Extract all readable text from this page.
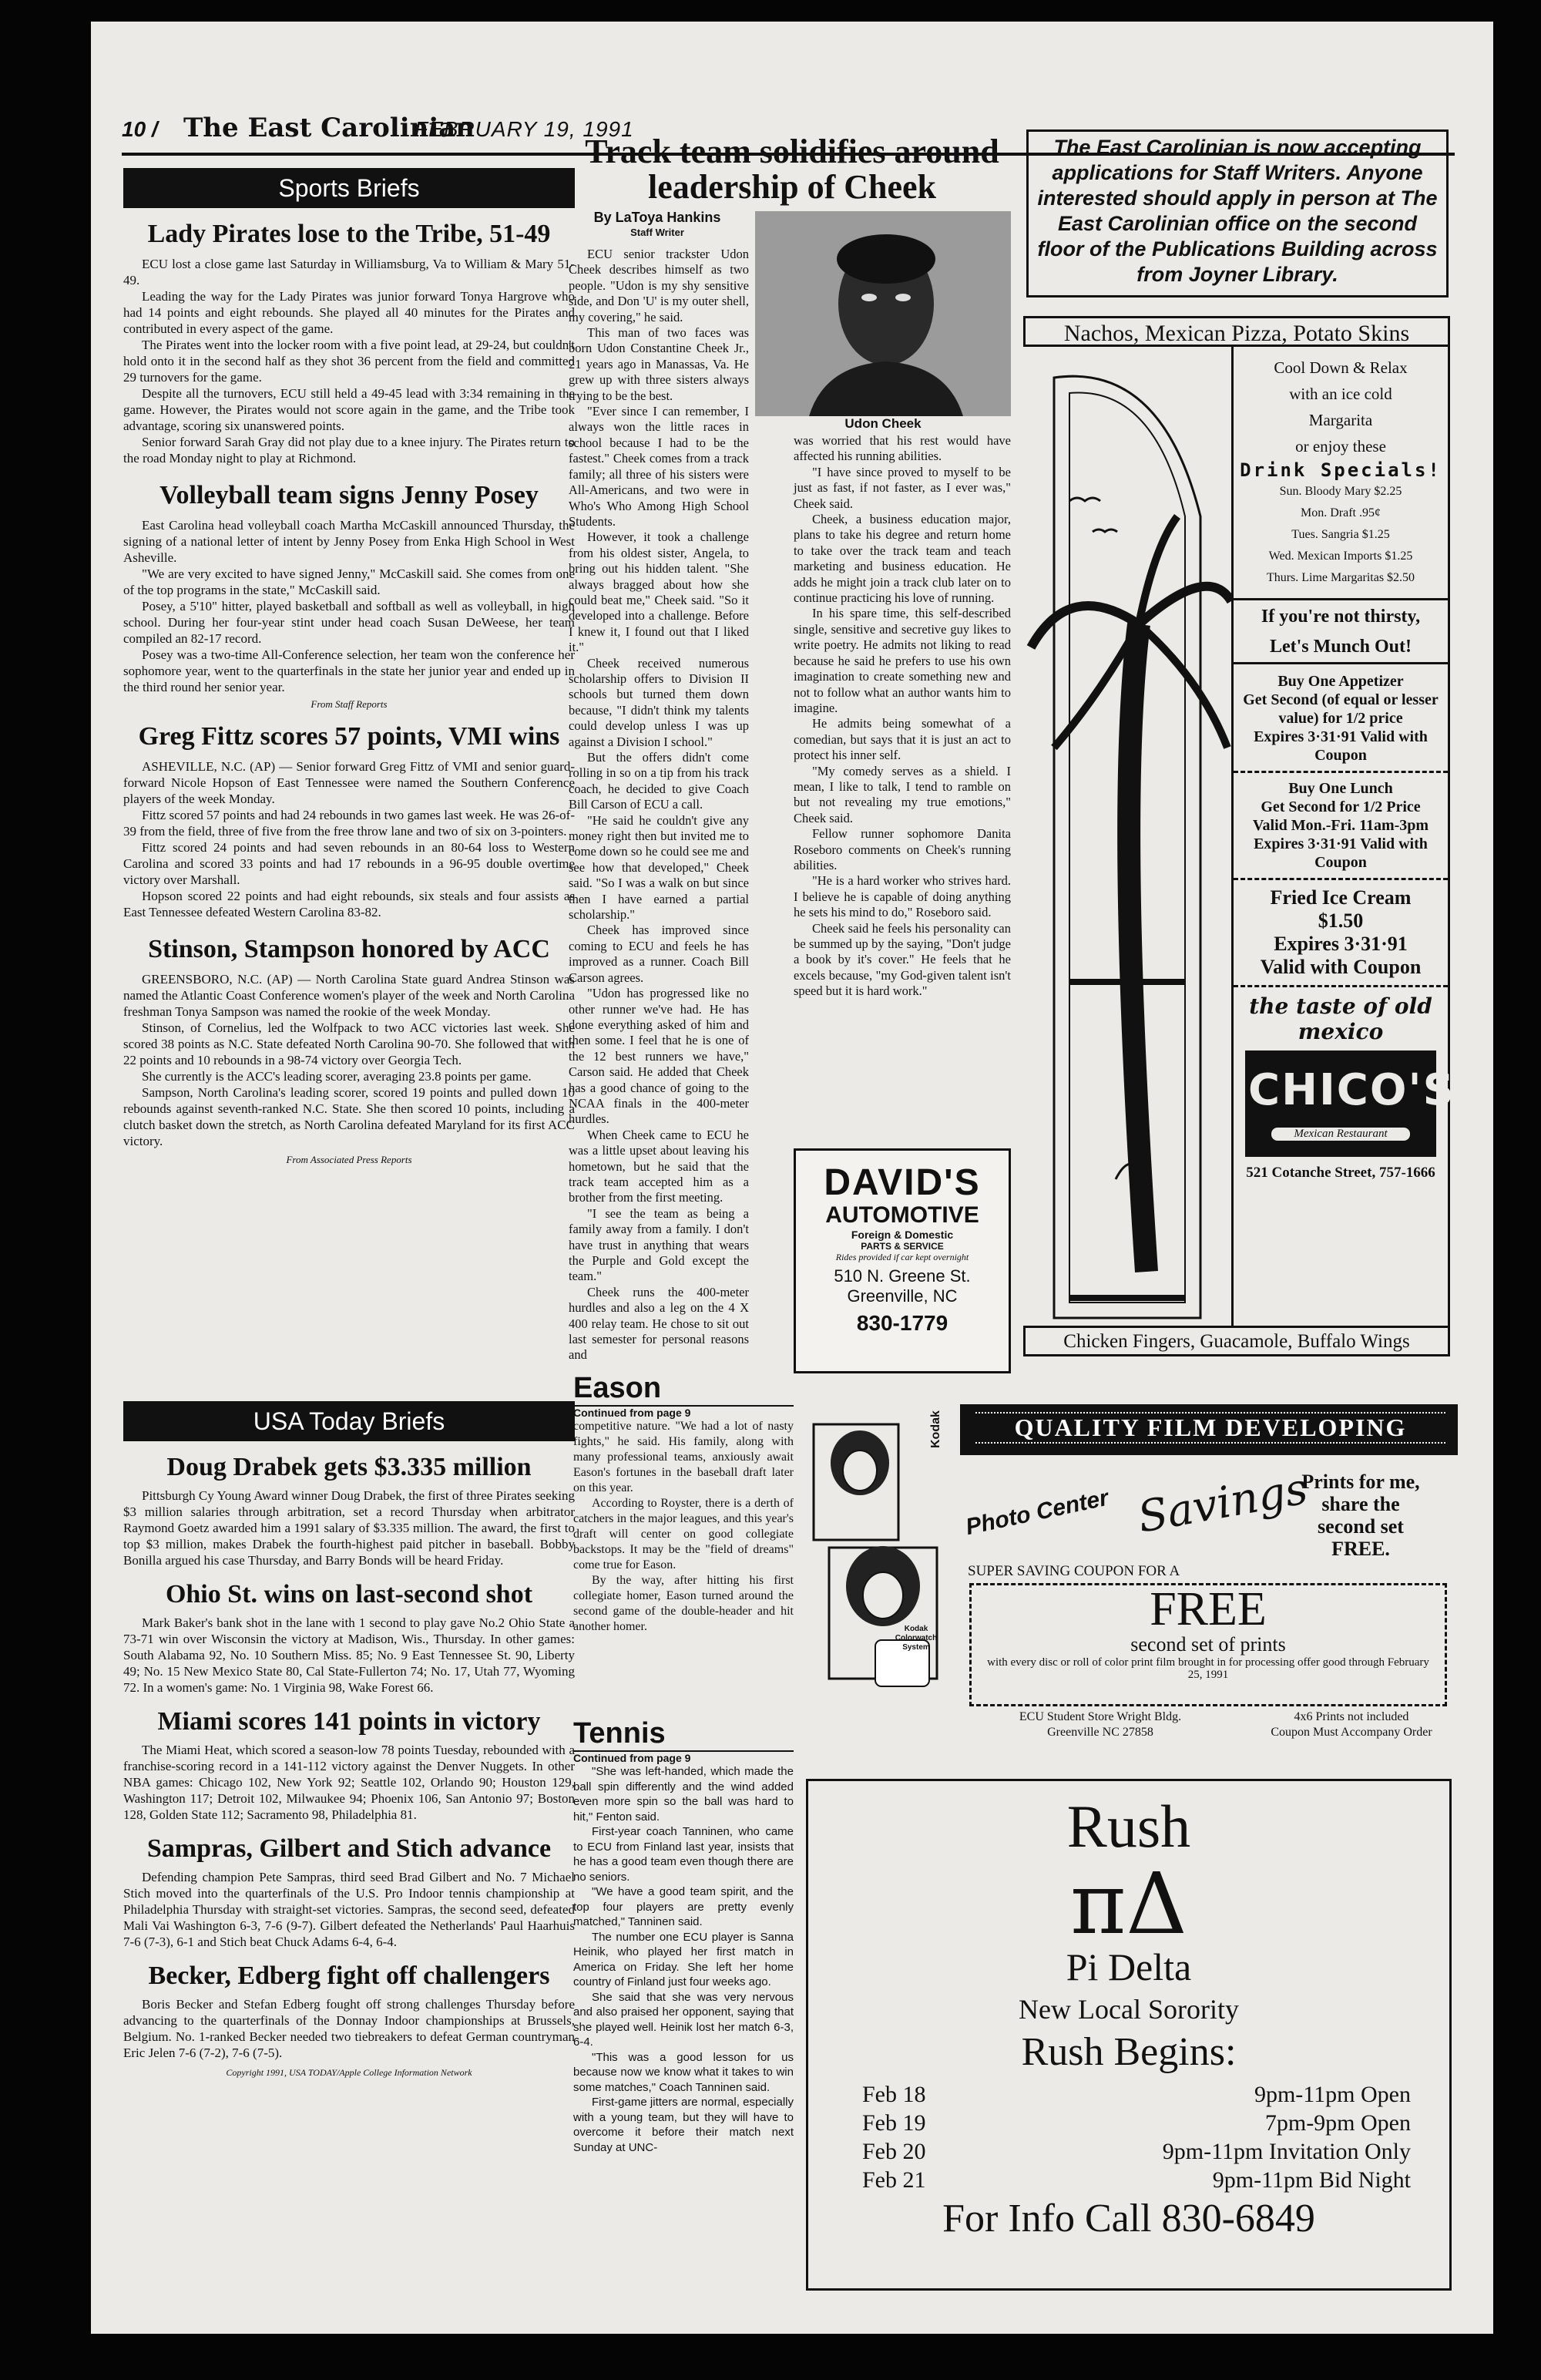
10 / The East Carolinian
FEBRUARY 19, 1991
Sports Briefs
Lady Pirates lose to the Tribe, 51-49

ECU lost a close game last Saturday in Williamsburg, Va to William & Mary 51-49.

Leading the way for the Lady Pirates was junior forward Tonya Hargrove who had 14 points and eight rebounds. She played all 40 minutes for the Pirates and contributed in every aspect of the game.

The Pirates went into the locker room with a five point lead, at 29-24, but couldn't hold onto it in the second half as they shot 36 percent from the field and committed 29 turnovers for the game.

Despite all the turnovers, ECU still held a 49-45 lead with 3:34 remaining in the game. However, the Pirates would not score again in the game, and the Tribe took advantage, scoring six unanswered points.

Senior forward Sarah Gray did not play due to a knee injury. The Pirates return to the road Monday night to play at Richmond.

Volleyball team signs Jenny Posey

East Carolina head volleyball coach Martha McCaskill announced Thursday, the signing of a national letter of intent by Jenny Posey from Enka High School in West Asheville.

"We are very excited to have signed Jenny," McCaskill said. She comes from one of the top programs in the state," McCaskill said.

Posey, a 5'10" hitter, played basketball and softball as well as volleyball, in high school. During her four-year stint under head coach Susan DeWeese, her team compiled an 82-17 record.

Posey was a two-time All-Conference selection, her team won the conference her sophomore year, went to the quarterfinals in the state her junior year and ended up in the third round her senior year.

From Staff Reports
Greg Fittz scores 57 points, VMI wins

ASHEVILLE, N.C. (AP) — Senior forward Greg Fittz of VMI and senior guard-forward Nicole Hopson of East Tennessee were named the Southern Conference players of the week Monday.

Fittz scored 57 points and had 24 rebounds in two games last week. He was 26-of-39 from the field, three of five from the free throw lane and two of six on 3-pointers.

Fittz scored 24 points and had seven rebounds in an 80-64 loss to Western Carolina and scored 33 points and had 17 rebounds in a 96-95 double overtime victory over Marshall.

Hopson scored 22 points and had eight rebounds, six steals and four assists as East Tennessee defeated Western Carolina 83-82.

Stinson, Stampson honored by ACC

GREENSBORO, N.C. (AP) — North Carolina State guard Andrea Stinson was named the Atlantic Coast Conference women's player of the week and North Carolina freshman Tonya Sampson was named the rookie of the week Monday.

Stinson, of Cornelius, led the Wolfpack to two ACC victories last week. She scored 38 points as N.C. State defeated North Carolina 90-70. She followed that with 22 points and 10 rebounds in a 98-74 victory over Georgia Tech.

She currently is the ACC's leading scorer, averaging 23.8 points per game.

Sampson, North Carolina's leading scorer, scored 19 points and pulled down 10 rebounds against seventh-ranked N.C. State. She then scored 10 points, including a clutch basket down the stretch, as North Carolina defeated Maryland for its first ACC victory.

From Associated Press Reports
USA Today Briefs
Doug Drabek gets $3.335 million

Pittsburgh Cy Young Award winner Doug Drabek, the first of three Pirates seeking $3 million salaries through arbitration, set a record Thursday when arbitrator Raymond Goetz awarded him a 1991 salary of $3.335 million. The award, the first to top $3 million, makes Drabek the fourth-highest paid pitcher in baseball. Bobby Bonilla argued his case Thursday, and Barry Bonds will be heard Friday.

Ohio St. wins on last-second shot

Mark Baker's bank shot in the lane with 1 second to play gave No.2 Ohio State a 73-71 win over Wisconsin the victory at Madison, Wis., Thursday. In other games: South Alabama 92, No. 10 Southern Miss. 85; No. 9 East Tennessee St. 90, Liberty 49; No. 15 New Mexico State 80, Cal State-Fullerton 74; No. 17, Utah 77, Wyoming 72. In a women's game: No. 1 Virginia 98, Wake Forest 66.

Miami scores 141 points in victory

The Miami Heat, which scored a season-low 78 points Tuesday, rebounded with a franchise-scoring record in a 141-112 victory against the Denver Nuggets. In other NBA games: Chicago 102, New York 92; Seattle 102, Orlando 90; Houston 129, Washington 117; Detroit 102, Milwaukee 94; Phoenix 106, San Antonio 97; Boston 128, Golden State 112; Sacramento 98, Philadelphia 81.

Sampras, Gilbert and Stich advance

Defending champion Pete Sampras, third seed Brad Gilbert and No. 7 Michael Stich moved into the quarterfinals of the U.S. Pro Indoor tennis championship at Philadelphia Thursday with straight-set victories. Sampras, the second seed, defeated Mali Vai Washington 6-3, 7-6 (9-7). Gilbert defeated the Netherlands' Paul Haarhuis 7-6 (7-3), 6-1 and Stich beat Chuck Adams 6-4, 6-4.

Becker, Edberg fight off challengers

Boris Becker and Stefan Edberg fought off strong challenges Thursday before advancing to the quarterfinals of the Donnay Indoor championships at Brussels, Belgium. No. 1-ranked Becker needed two tiebreakers to defeat German countryman Eric Jelen 7-6 (7-2), 7-6 (7-5).

Copyright 1991, USA TODAY/Apple College Information Network
Track team solidifies around leadership of Cheek
By LaToya Hankins
Staff Writer
Udon Cheek

ECU senior trackster Udon Cheek describes himself as two people. "Udon is my shy sensitive side, and Don 'U' is my outer shell, my covering," he said.

This man of two faces was born Udon Constantine Cheek Jr., 21 years ago in Manassas, Va. He grew up with three sisters always trying to be the best.

"Ever since I can remember, I always won the little races in school because I had to be the fastest." Cheek comes from a track family; all three of his sisters were All-Americans, and two were in Who's Who Among High School Students.

However, it took a challenge from his oldest sister, Angela, to bring out his hidden talent. "She always bragged about how she could beat me," Cheek said. "So it developed into a challenge. Before I knew it, I found out that I liked it."

Cheek received numerous scholarship offers to Division II schools but turned them down because, "I didn't think my talents could develop unless I was up against a Division I school."

But the offers didn't come rolling in so on a tip from his track coach, he decided to give Coach Bill Carson of ECU a call.

"He said he couldn't give any money right then but invited me to come down so he could see me and see how that developed," Cheek said. "So I was a walk on but since then I have earned a partial scholarship."

Cheek has improved since coming to ECU and feels he has improved as a runner. Coach Bill Carson agrees.

"Udon has progressed like no other runner we've had. He has done everything asked of him and then some. I feel that he is one of the 12 best runners we have," Carson said. He added that Cheek has a good chance of going to the NCAA finals in the 400-meter hurdles.

When Cheek came to ECU he was a little upset about leaving his hometown, but he said that the track team accepted him as a brother from the first meeting.

"I see the team as being a family away from a family. I don't have trust in anything that wears the Purple and Gold except the team."

Cheek runs the 400-meter hurdles and also a leg on the 4 X 400 relay team. He chose to sit out last semester for personal reasons and

was worried that his rest would have affected his running abilities.

"I have since proved to myself to be just as fast, if not faster, as I ever was," Cheek said.

Cheek, a business education major, plans to take his degree and return home to take over the track team and teach marketing and business education. He adds he might join a track club later on to continue practicing his love of running.

In his spare time, this self-described single, sensitive and secretive guy likes to write poetry. He admits not liking to read because he said he prefers to use his own imagination to create something new and not to follow what an author wants him to imagine.

He admits being somewhat of a comedian, but says that it is just an act to protect his inner self.

"My comedy serves as a shield. I mean, I like to talk, I tend to ramble on but not revealing my true emotions," Cheek said.

Fellow runner sophomore Danita Roseboro comments on Cheek's running abilities.

"He is a hard worker who strives hard. I believe he is capable of doing anything he sets his mind to do," Roseboro said.

Cheek said he feels his personality can be summed up by the saying, "Don't judge a book by it's cover." He feels that he excels because, "my God-given talent isn't speed but it is hard work."

DAVID'S
AUTOMOTIVE
Foreign & Domestic
PARTS & SERVICE
Rides provided if car kept overnight
510 N. Greene St.
Greenville, NC
830-1779
Eason
Continued from page 9

competitive nature. "We had a lot of nasty fights," he said. His family, along with many professional teams, anxiously await Eason's fortunes in the baseball draft later on this year.

According to Royster, there is a derth of catchers in the major leagues, and this year's draft will center on good collegiate backstops. It may be the "field of dreams" come true for Eason.

By the way, after hitting his first collegiate homer, Eason turned around the second game of the double-header and hit another homer.

Tennis
Continued from page 9

"She was left-handed, which made the ball spin differently and the wind added even more spin so the ball was hard to hit," Fenton said.

First-year coach Tanninen, who came to ECU from Finland last year, insists that he has a good team even though there are no seniors.

"We have a good team spirit, and the top four players are pretty evenly matched," Tanninen said.

The number one ECU player is Sanna Heinik, who played her first match in America on Friday. She left her home country of Finland just four weeks ago.

She said that she was very nervous and also praised her opponent, saying that she played well. Heinik lost her match 6-3, 6-4.

"This was a good lesson for us because now we know what it takes to win some matches," Coach Tanninen said.

First-game jitters are normal, especially with a young team, but they will have to overcome it before their match next Sunday at UNC-

The East Carolinian is now accepting applications for Staff Writers. Anyone interested should apply in person at The East Carolinian office on the second floor of the Publications Building across from Joyner Library.
Nachos, Mexican Pizza, Potato Skins
Cool Down & Relax
with an ice cold
Margarita
or enjoy these
Drink Specials!
Sun. Bloody Mary $2.25
Mon. Draft .95¢
Tues. Sangria $1.25
Wed. Mexican Imports $1.25
Thurs. Lime Margaritas $2.50
If you're not thirsty,
Let's Munch Out!
Buy One Appetizer
Get Second (of equal or lesser
value) for 1/2 price
Expires 3·31·91 Valid with
Coupon
Buy One Lunch
Get Second for 1/2 Price
Valid Mon.-Fri. 11am-3pm
Expires 3·31·91 Valid with
Coupon
Fried Ice Cream
$1.50
Expires 3·31·91
Valid with Coupon
the taste of old mexico
CHICO'S
Mexican Restaurant
521 Cotanche Street, 757-1666
Chicken Fingers, Guacamole, Buffalo Wings
Kodak Colorwatch System
Kodak	QUALITY FILM DEVELOPING
Photo Center Savings
Prints for me,
share the
second set
FREE.
SUPER SAVING COUPON FOR A
FREE
second set of prints
with every disc or roll of color print film brought in for processing offer good through February 25, 1991
ECU Student Store Wright Bldg.
Greenville NC 27858
4x6 Prints not included
Coupon Must Accompany Order
Rush
πΔ
Pi Delta
New Local Sorority
Rush Begins:
Feb 18
Feb 19
Feb 20
Feb 21
9pm-11pm Open
7pm-9pm Open
9pm-11pm Invitation Only
9pm-11pm Bid Night
For Info Call 830-6849
